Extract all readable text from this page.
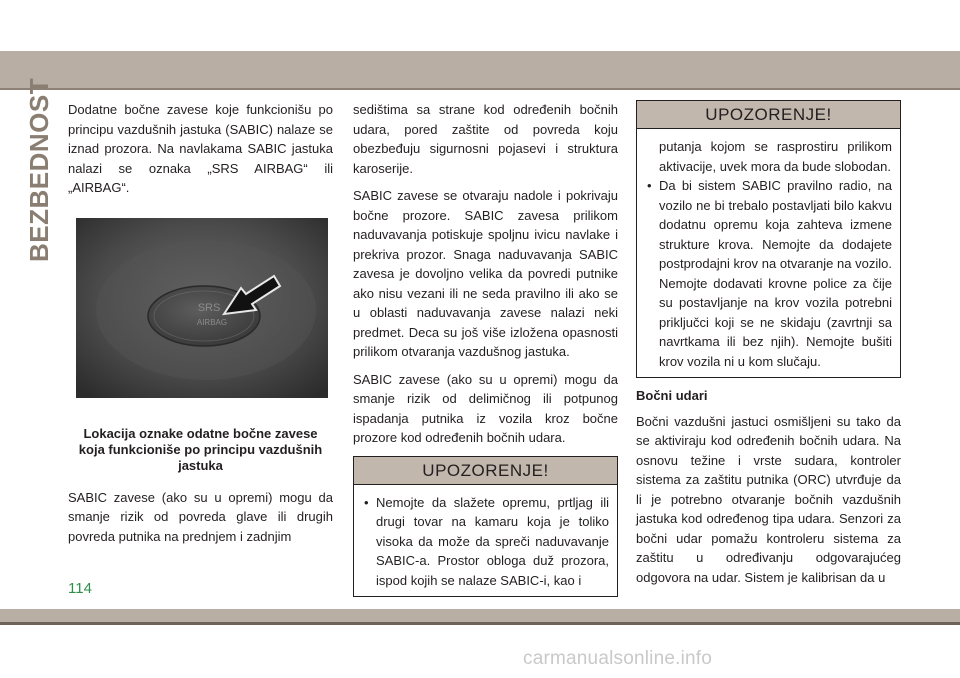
BEZBEDNOST Dodatne bočne zavese koje funkcionišu po principu vazdušnih jastuka (SABIC) nalaze se iznad prozora. Na navlakama SABIC jastuka nalazi se oznaka „SRS AIRBAG“ ili „AIRBAG“.

SRS
AIRBAG
Lokacija oznake odatne bočne zavese koja funkcioniše po principu vazdušnih jastuka

SABIC zavese (ako su u opremi) mogu da smanje rizik od povreda glave ili drugih povreda putnika na prednjem i zadnjim

sedištima sa strane kod određenih bočnih udara, pored zaštite od povreda koju obezbeđuju sigurnosni pojasevi i struktura karoserije.

SABIC zavese se otvaraju nadole i pokrivaju bočne prozore. SABIC zavesa prilikom naduvavanja potiskuje spoljnu ivicu navlake i prekriva prozor. Snaga naduvavanja SABIC zavesa je dovoljno velika da povredi putnike ako nisu vezani ili ne seda pravilno ili ako se u oblasti naduvavanja zavese nalazi neki predmet. Deca su još više izložena opasnosti prilikom otvaranja vazdušnog jastuka.

SABIC zavese (ako su u opremi) mogu da smanje rizik od delimičnog ili potpunog ispadanja putnika iz vozila kroz bočne prozore kod određenih bočnih udara.

UPOZORENJE!
• Nemojte da slažete opremu, prtljag ili drugi tovar na kamaru koja je toliko visoka da može da spreči naduvavanje SABIC-a. Prostor obloga duž prozora, ispod kojih se nalaze SABIC-i, kao i
UPOZORENJE!
putanja kojom se rasprostiru prilikom aktivacije, uvek mora da bude slobodan.
• Da bi sistem SABIC pravilno radio, na vozilo ne bi trebalo postavljati bilo kakvu dodatnu opremu koja zahteva izmene strukture krova. Nemojte da dodajete postprodajni krov na otvaranje na vozilo. Nemojte dodavati krovne police za čije su postavljanje na krov vozila potrebni priključci koji se ne skidaju (zavrtnji sa navrtkama ili bez njih). Nemojte bušiti krov vozila ni u kom slučaju.
Bočni udari

Bočni vazdušni jastuci osmišljeni su tako da se aktiviraju kod određenih bočnih udara. Na osnovu težine i vrste sudara, kontroler sistema za zaštitu putnika (ORC) utvrđuje da li je potrebno otvaranje bočnih vazdušnih jastuka kod određenog tipa udara. Senzori za bočni udar pomažu kontroleru sistema za zaštitu u određivanju odgovarajućeg odgovora na udar. Sistem je kalibrisan da u

114
carmanualsonline.info
